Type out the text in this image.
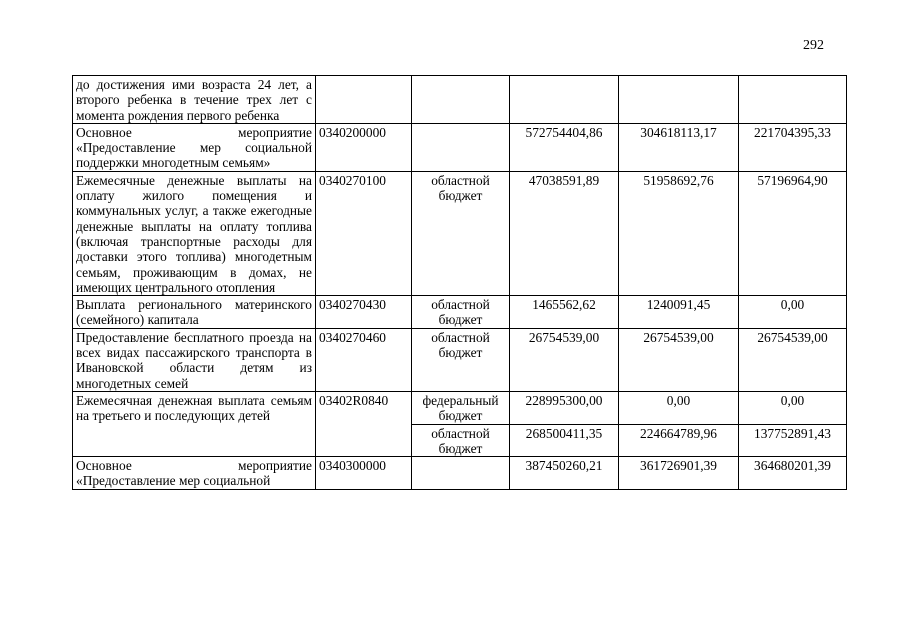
292
до достижения ими возраста 24 лет, а второго ребенка в течение трех лет с момента рождения первого ребенка					
Основное мероприятие «Предоставление мер социальной поддержки многодетным семьям»	0340200000		572754404,86	304618113,17	221704395,33
Ежемесячные денежные выплаты на оплату жилого помещения и коммунальных услуг, а также ежегодные денежные выплаты на оплату топлива (включая транспортные расходы для доставки этого топлива) многодетным семьям, проживающим в домах, не имеющих центрального отопления	0340270100	областной бюджет	47038591,89	51958692,76	57196964,90
Выплата регионального материнского (семейного) капитала	0340270430	областной бюджет	1465562,62	1240091,45	0,00
Предоставление бесплатного проезда на всех видах пассажирского транспорта в Ивановской области детям из многодетных семей	0340270460	областной бюджет	26754539,00	26754539,00	26754539,00
Ежемесячная денежная выплата семьям на третьего и последующих детей	03402R0840	федеральный бюджет	228995300,00	0,00	0,00
		областной бюджет	268500411,35	224664789,96	137752891,43
Основное мероприятие «Предоставление мер социальной	0340300000		387450260,21	361726901,39	364680201,39
